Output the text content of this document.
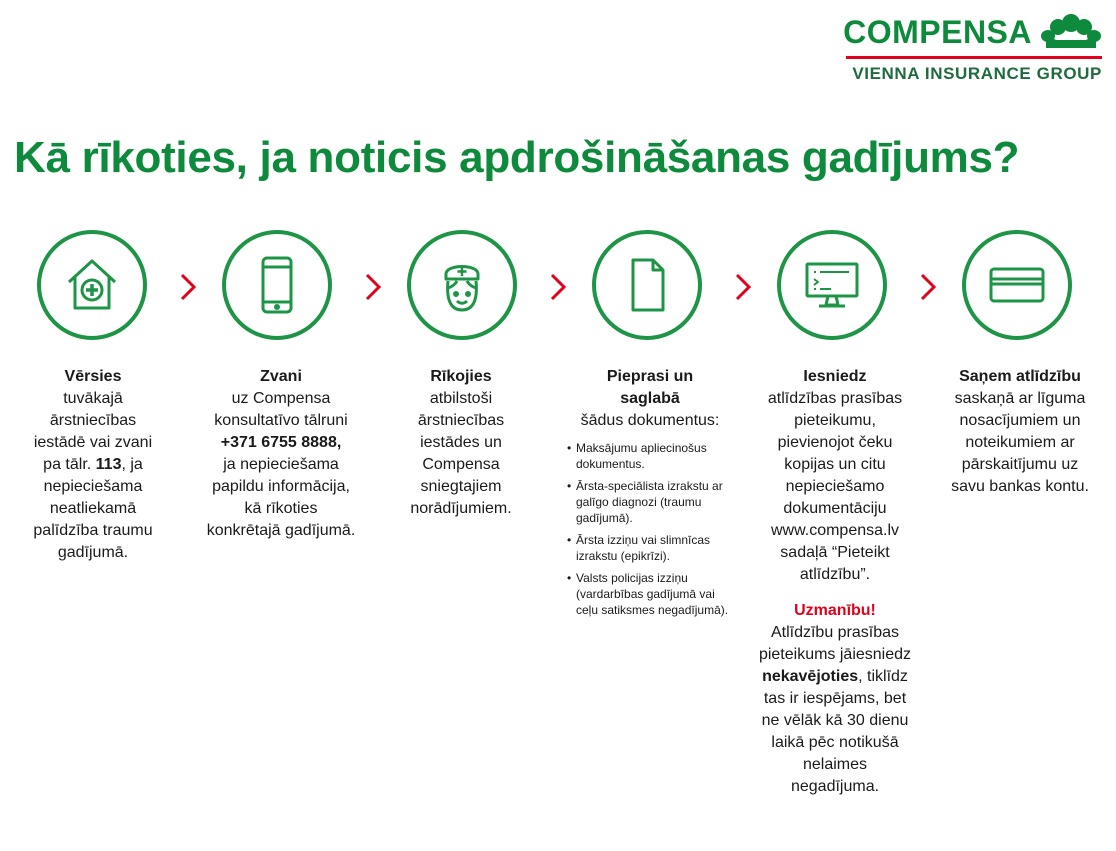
COMPENSA
VIENNA INSURANCE GROUP
Kā rīkoties, ja noticis apdrošināšanas gadījums?

Vērsies

tuvākajā ārstniecības iestādē vai zvani pa tālr. 113, ja nepieciešama neatliekamā palīdzība traumu gadījumā.

Zvani

uz Compensa konsultatīvo tālruni

+371 6755 8888,

ja nepieciešama papildu informācija, kā rīkoties konkrētajā gadījumā.

Rīkojies

atbilstoši ārstniecības iestādes un Compensa sniegtajiem norādījumiem.

Pieprasi un saglabā

šādus dokumentus:

• Maksājumu apliecinošus dokumentus.
• Ārsta-speciālista izrakstu ar galīgo diagnozi (traumu gadījumā).
• Ārsta izziņu vai slimnīcas izrakstu (epikrīzi).
• Valsts policijas izziņu (vardarbības gadījumā vai ceļu satiksmes negadījumā).

Iesniedz

atlīdzības prasības pieteikumu, pievienojot čeku kopijas un citu nepieciešamo dokumentāciju www.compensa.lv sadaļā “Pieteikt atlīdzību”.

Uzmanību!

Atlīdzību prasības pieteikums jāiesniedz nekavējoties, tiklīdz tas ir iespējams, bet ne vēlāk kā 30 dienu laikā pēc notikušā nelaimes negadījuma.

Saņem atlīdzību

saskaņā ar līguma nosacījumiem un noteikumiem ar pārskaitījumu uz savu bankas kontu.
